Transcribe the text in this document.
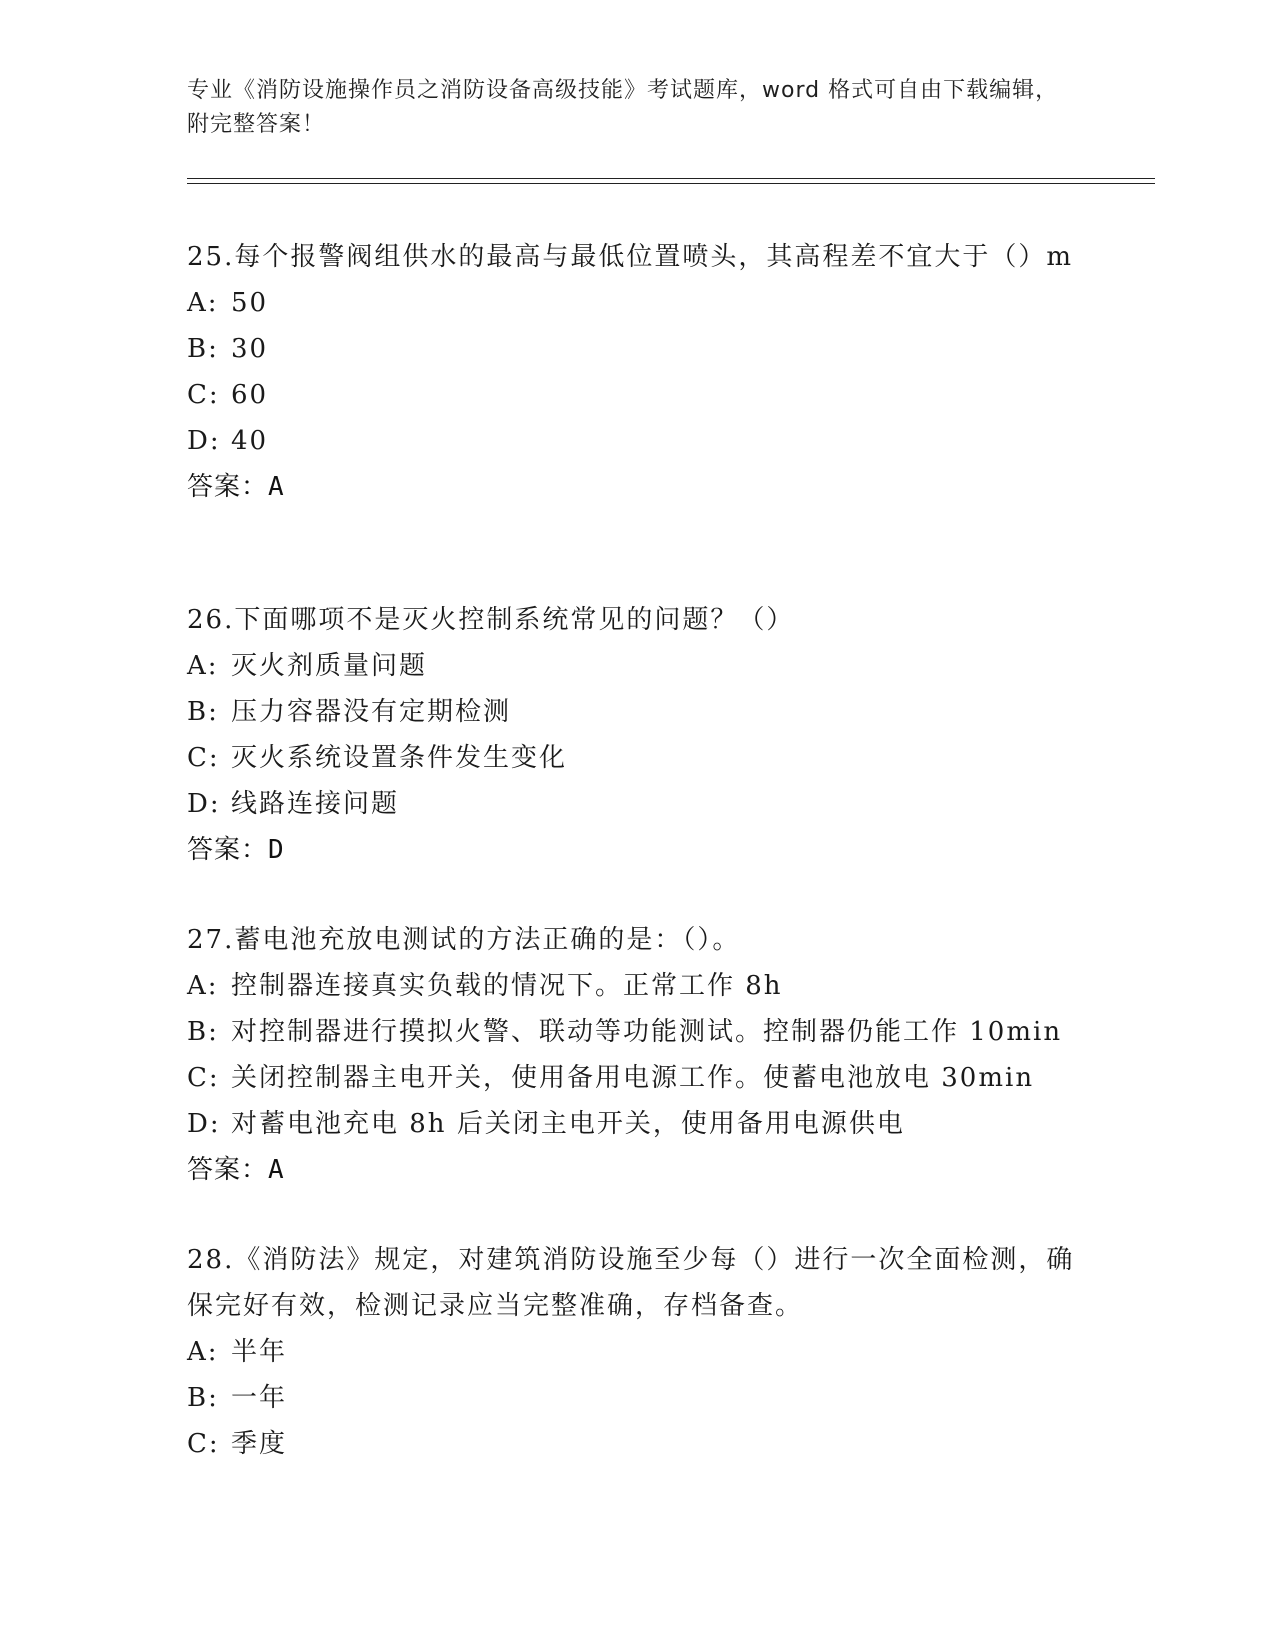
专业《消防设施操作员之消防设备高级技能》考试题库，word 格式可自由下载编辑，附完整答案！

25.每个报警阀组供水的最高与最低位置喷头，其高程差不宜大于（）m

A: 50
B: 30
C: 60
D: 40
答案：A

26.下面哪项不是灭火控制系统常见的问题？（）

A: 灭火剂质量问题
B: 压力容器没有定期检测
C: 灭火系统设置条件发生变化
D: 线路连接问题
答案：D

27.蓄电池充放电测试的方法正确的是：（）。

A: 控制器连接真实负载的情况下。正常工作 8h
B: 对控制器进行摸拟火警、联动等功能测试。控制器仍能工作 10min
C: 关闭控制器主电开关，使用备用电源工作。使蓄电池放电 30min
D: 对蓄电池充电 8h 后关闭主电开关，使用备用电源供电
答案：A

28.《消防法》规定，对建筑消防设施至少每（）进行一次全面检测，确保完好有效，检测记录应当完整准确，存档备查。

A: 半年
B: 一年
C: 季度
